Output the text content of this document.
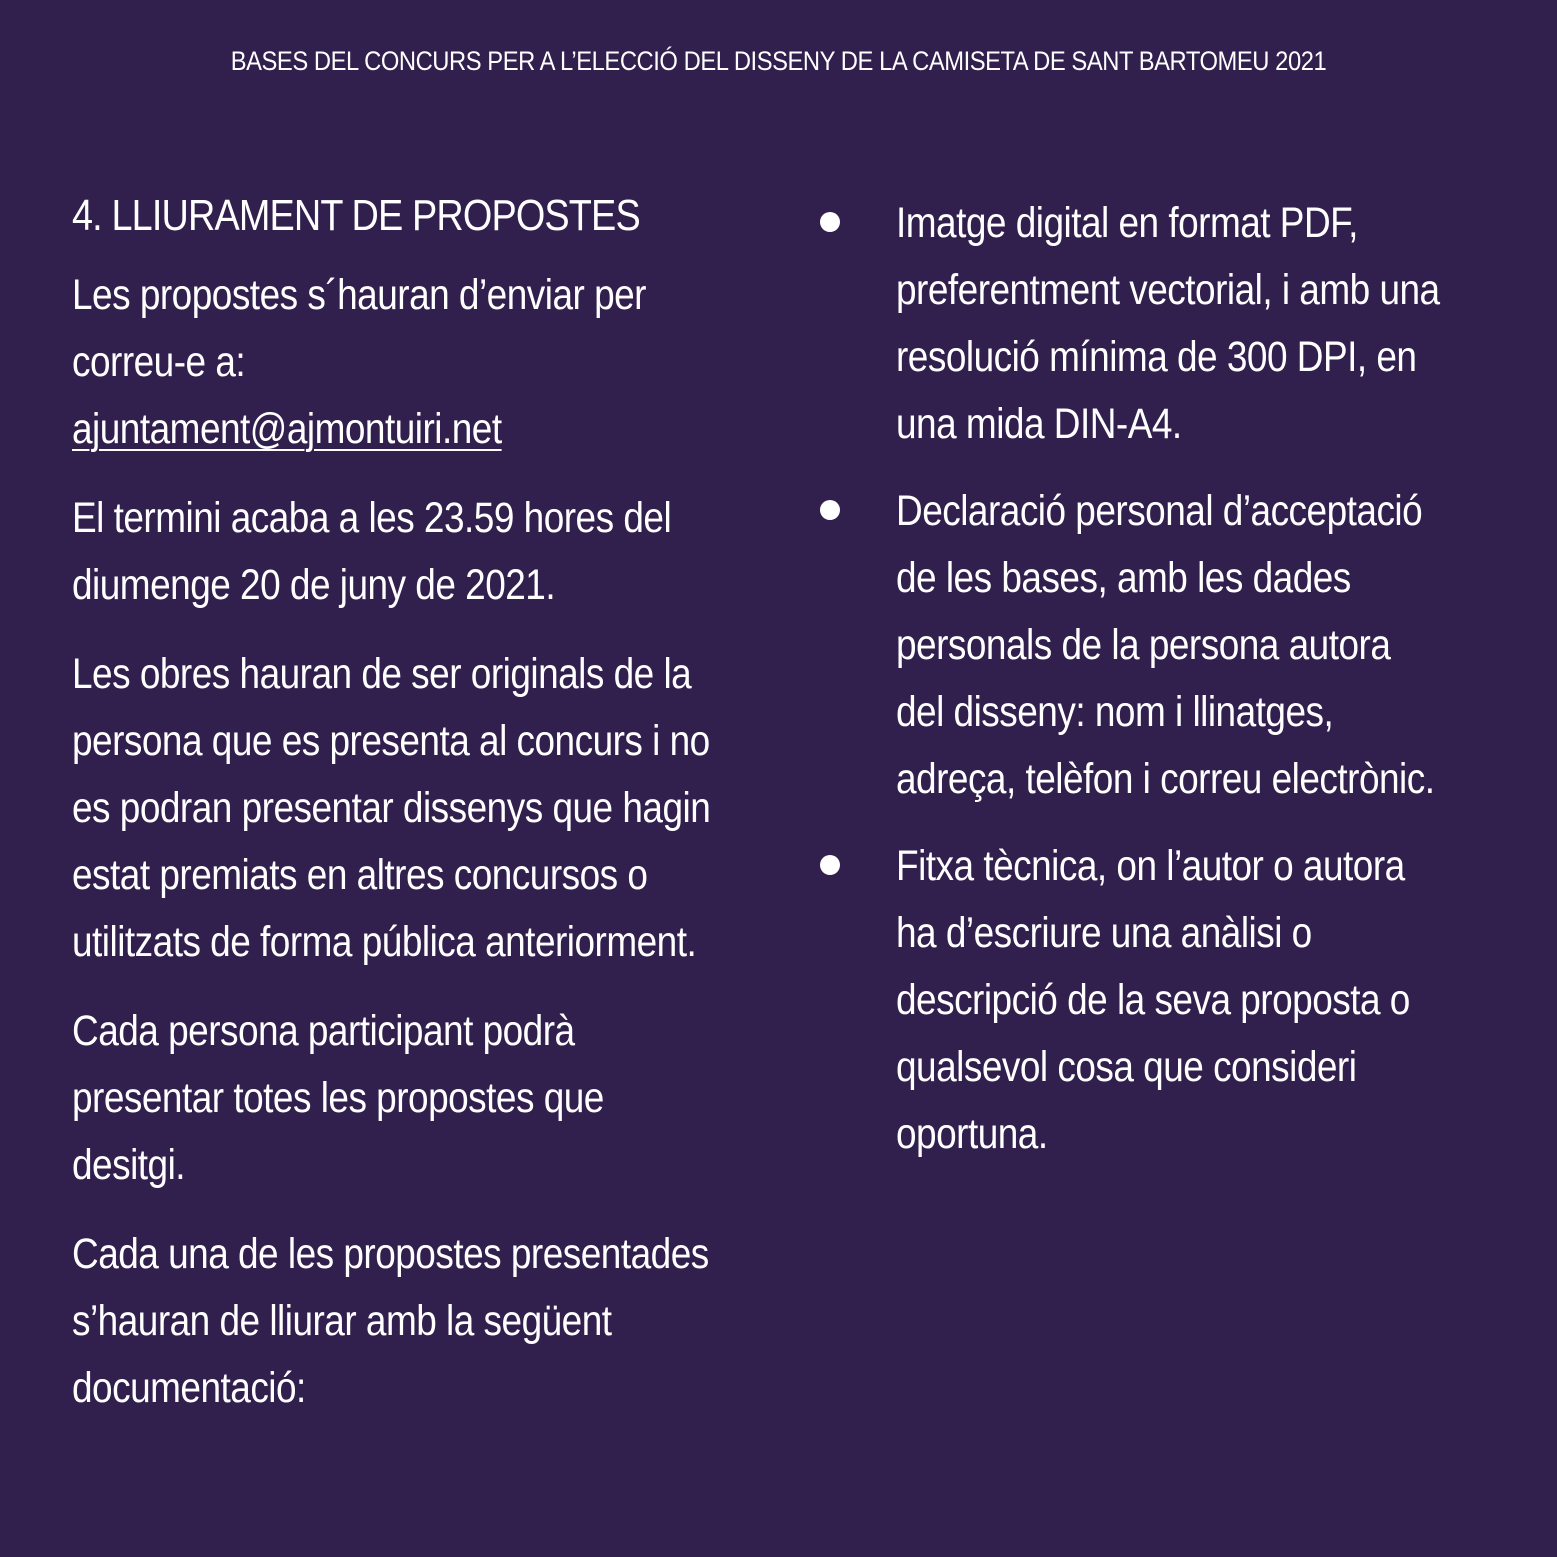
BASES DEL CONCURS PER A L’ELECCIÓ DEL DISSENY DE LA CAMISETA DE SANT BARTOMEU 2021
4. LLIURAMENT DE PROPOSTES

Les propostes s´hauran d’enviar per correu-e a:
ajuntament@ajmontuiri.net

El termini acaba a les 23.59 hores del diumenge 20 de juny de 2021.

Les obres hauran de ser originals de la persona que es presenta al concurs i no es podran presentar dissenys que hagin estat premiats en altres concursos o utilitzats de forma pública anteriorment.

Cada persona participant podrà presentar totes les propostes que desitgi.

Cada una de les propostes presentades s’hauran de lliurar amb la següent documentació:

Imatge digital en format PDF, preferentment vectorial, i amb una resolució mínima de 300 DPI, en una mida DIN-A4.
Declaració personal d’acceptació de les bases, amb les dades personals de la persona autora del disseny: nom i llinatges, adreça, telèfon i correu electrònic.
Fitxa tècnica, on l’autor o autora ha d’escriure una anàlisi o descripció de la seva proposta o qualsevol cosa que consideri oportuna.
